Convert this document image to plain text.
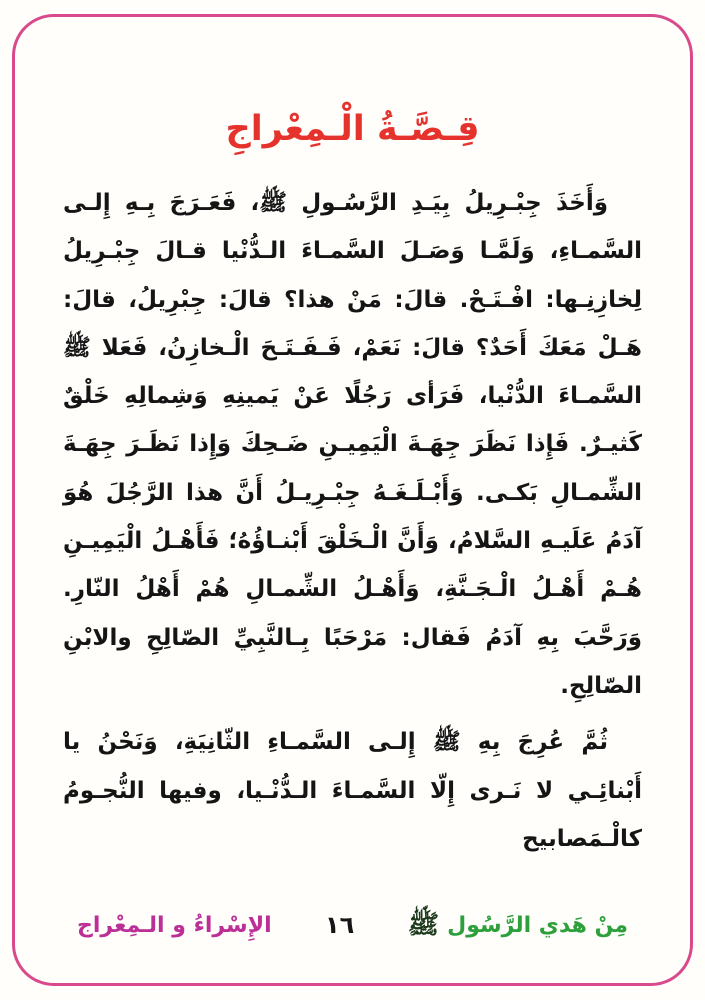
قِـصَّـةُ الْـمِعْراجِ

وَأَخَذَ جِبْـرِيلُ بِيَـدِ الرَّسُـولِ ﷺ، فَعَـرَجَ بِـهِ إِلـى السَّمـاءِ، وَلَمَّـا وَصَـلَ السَّمـاءَ الـدُّنْيا قـالَ جِبْـرِيلُ لِخازِنِـها: افْـتَـحْ. قالَ: مَنْ هذا؟ قالَ: جِبْرِيلُ، قالَ: هَـلْ مَعَكَ أَحَدٌ؟ قالَ: نَعَمْ، فَـفَـتَـحَ الْـخازِنُ، فَعَلا ﷺ السَّمـاءَ الدُّنْيا، فَرَأى رَجُلًا عَنْ يَمينِهِ وَشِمالِهِ خَلْقٌ كَثيـرٌ. فَإِذا نَظَرَ جِهَـةَ الْيَمِيـنِ ضَـحِكَ وَإِذا نَظَـرَ جِهَـةَ الشِّمـالِ بَكـى. وَأَبْـلَـغَـهُ جِبْـرِيـلُ أَنَّ هذا الرَّجُلَ هُوَ آدَمُ عَلَيـهِ السَّلامُ، وَأَنَّ الْـخَلْقَ أَبْنـاؤُهُ؛ فَأَهْـلُ الْيَمِيـنِ هُـمْ أَهْـلُ الْـجَـنَّةِ، وَأَهْـلُ الشِّمـالِ هُمْ أَهْلُ النّارِ. وَرَحَّبَ بِهِ آدَمُ فَقال: مَرْحَبًا بِـالنَّبِيِّ الصّالِحِ والابْنِ الصّالِحِ.

ثُمَّ عُرِجَ بِهِ ﷺ إِلـى السَّمـاءِ الثّانِيَةِ، وَنَحْنُ يا أَبْنائِـي لا نَـرى إِلّا السَّمـاءَ الـدُّنْـيا، وفيها النُّجـومُ كالْـمَصابيح

مِنْ هَدي الرَّسُول
ﷺ
١٦
الإِسْراءُ و الـمِعْراج
